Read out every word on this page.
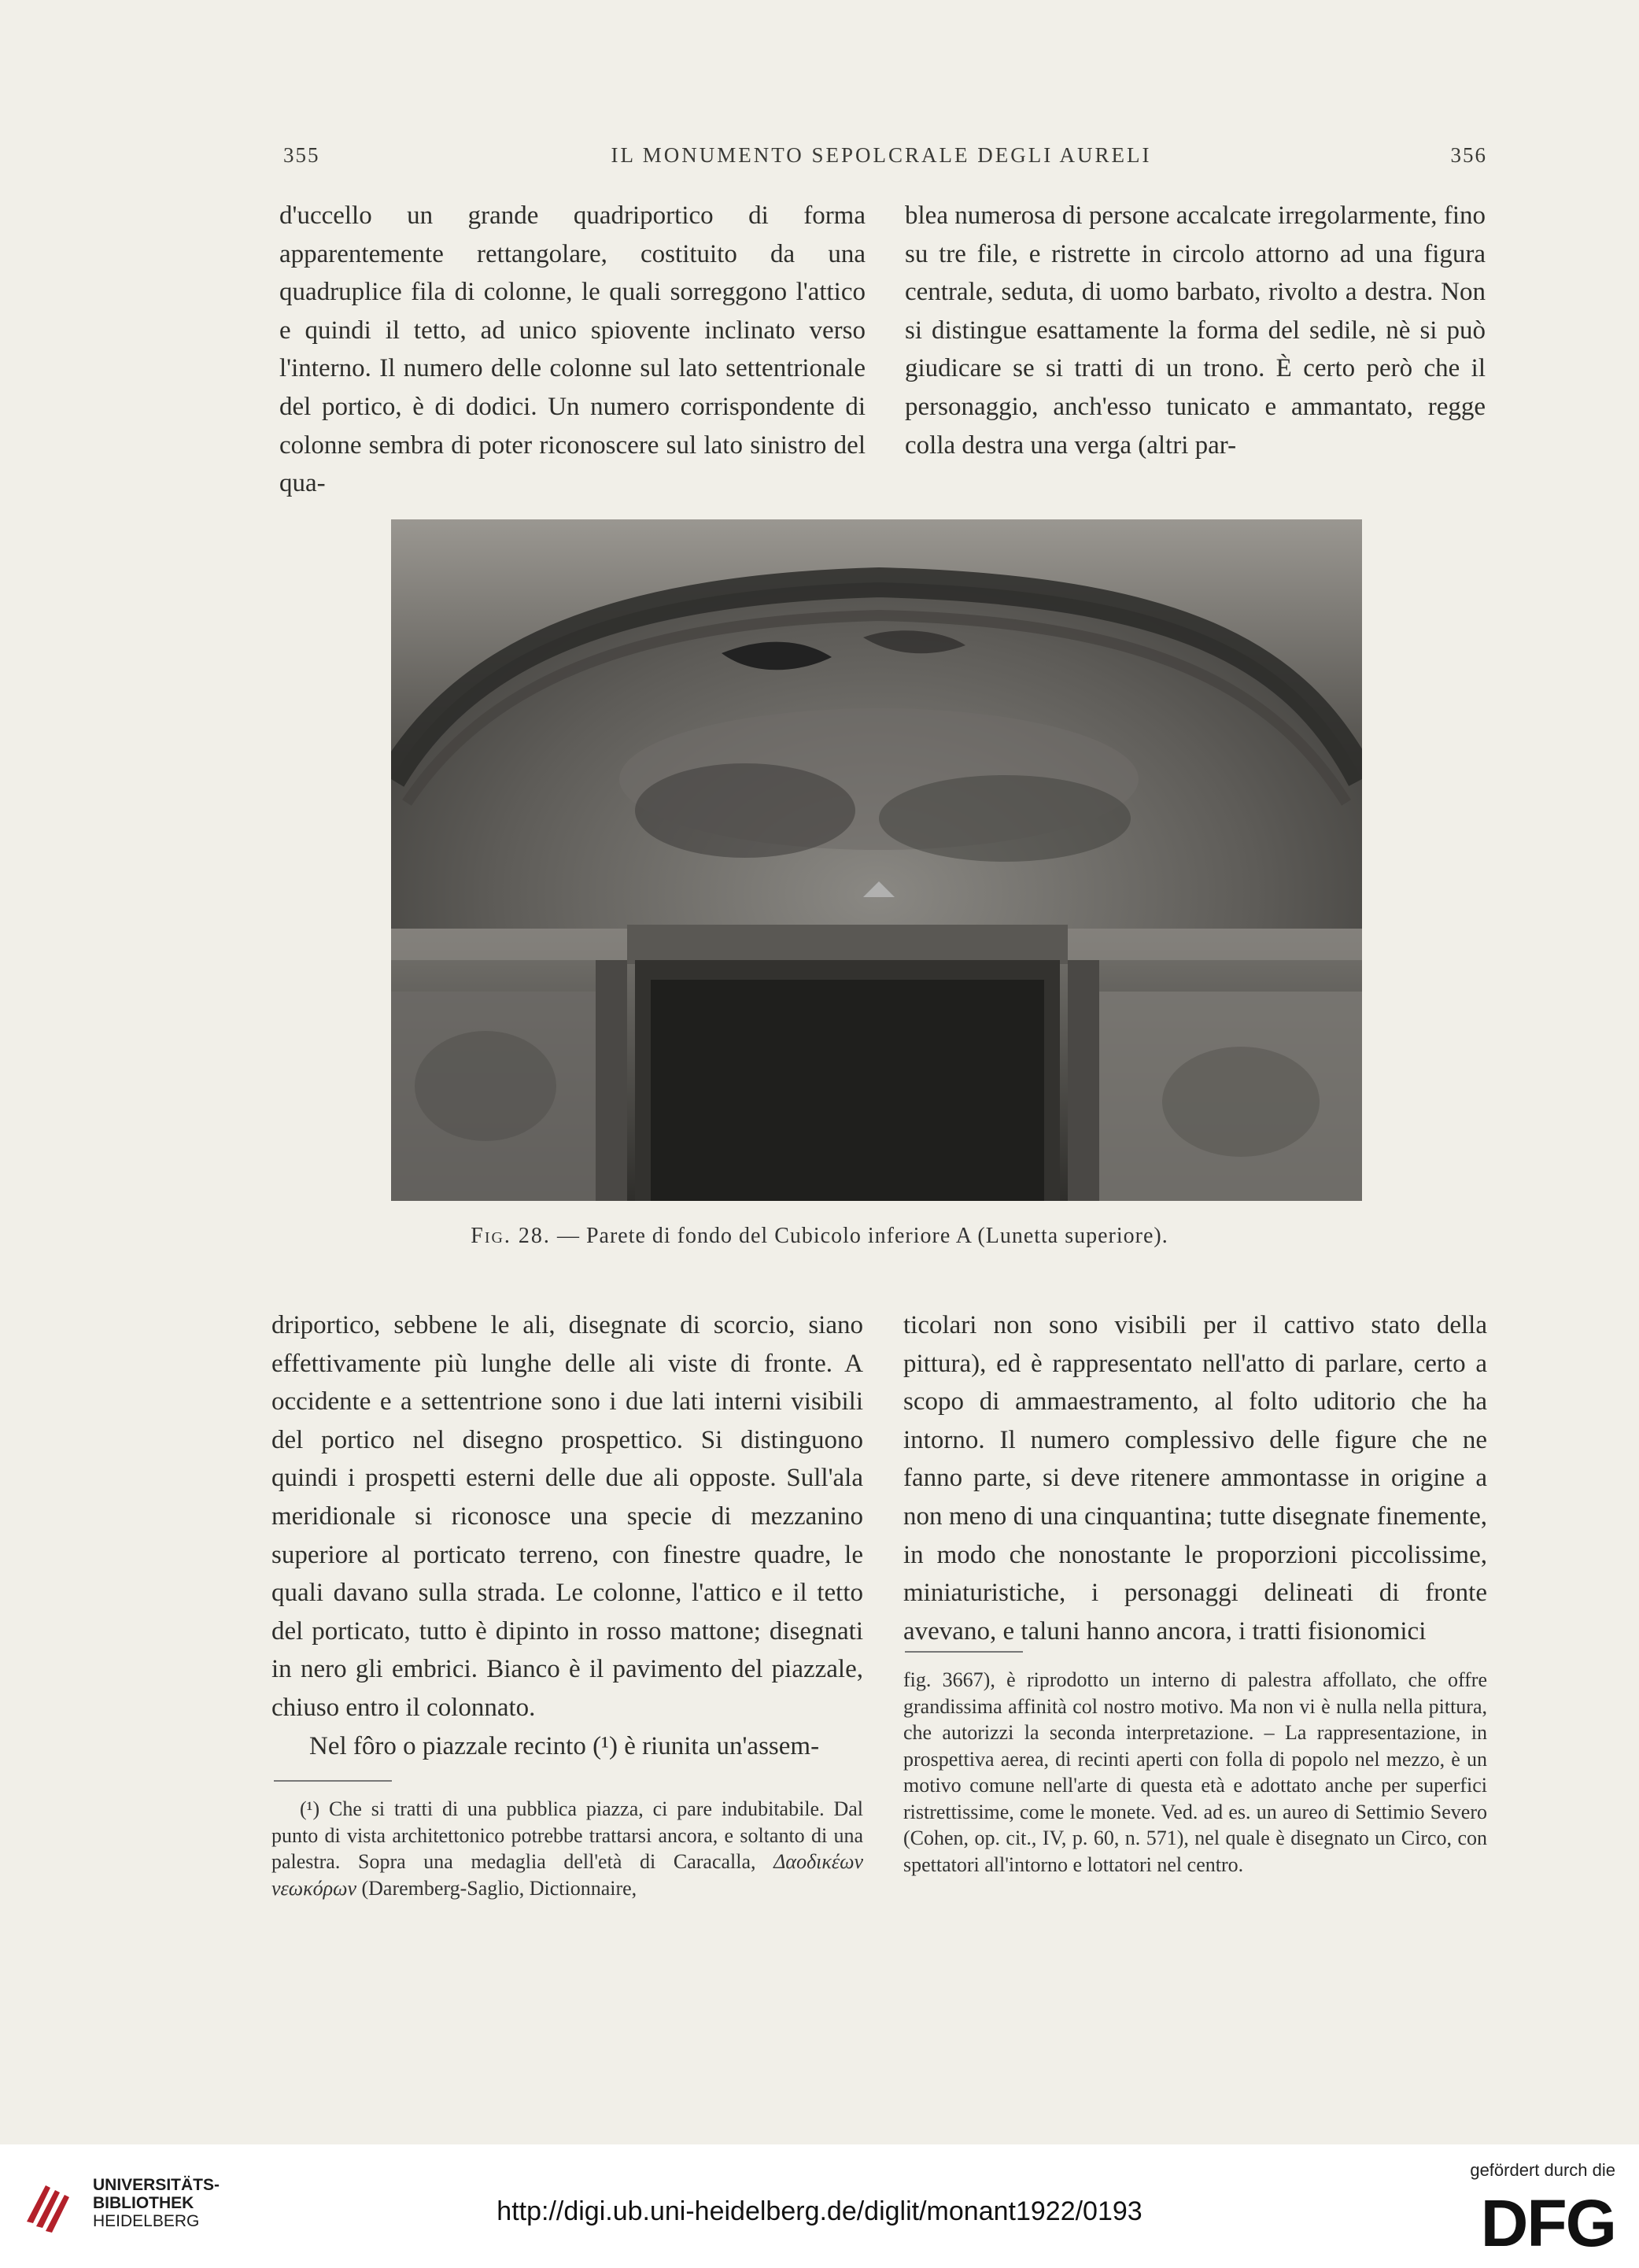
355	IL MONUMENTO SEPOLCRALE DEGLI AURELI	356

d'uccello un grande quadriportico di forma apparentemente rettangolare, costituito da una quadruplice fila di colonne, le quali sorreggono l'attico e quindi il tetto, ad unico spiovente inclinato verso l'interno. Il numero delle colonne sul lato settentrionale del portico, è di dodici. Un numero corrispondente di colonne sembra di poter riconoscere sul lato sinistro del qua-

blea numerosa di persone accalcate irregolarmente, fino su tre file, e ristrette in circolo attorno ad una figura centrale, seduta, di uomo barbato, rivolto a destra. Non si distingue esattamente la forma del sedile, nè si può giudicare se si tratti di un trono. È certo però che il personaggio, anch'esso tunicato e ammantato, regge colla destra una verga (altri par-

Fig. 28. — Parete di fondo del Cubicolo inferiore A (Lunetta superiore).

driportico, sebbene le ali, disegnate di scorcio, siano effettivamente più lunghe delle ali viste di fronte. A occidente e a settentrione sono i due lati interni visibili del portico nel disegno prospettico. Si distinguono quindi i prospetti esterni delle due ali opposte. Sull'ala meridionale si riconosce una specie di mezzanino superiore al porticato terreno, con finestre quadre, le quali davano sulla strada. Le colonne, l'attico e il tetto del porticato, tutto è dipinto in rosso mattone; disegnati in nero gli embrici. Bianco è il pavimento del piazzale, chiuso entro il colonnato.

Nel fôro o piazzale recinto (¹) è riunita un'assem-

ticolari non sono visibili per il cattivo stato della pittura), ed è rappresentato nell'atto di parlare, certo a scopo di ammaestramento, al folto uditorio che ha intorno. Il numero complessivo delle figure che ne fanno parte, si deve ritenere ammontasse in origine a non meno di una cinquantina; tutte disegnate finemente, in modo che nonostante le proporzioni piccolissime, miniaturistiche, i personaggi delineati di fronte avevano, e taluni hanno ancora, i tratti fisionomici

(¹) Che si tratti di una pubblica piazza, ci pare indubitabile. Dal punto di vista architettonico potrebbe trattarsi ancora, e soltanto di una palestra. Sopra una medaglia dell'età di Caracalla, Δαοδικέων νεωκόρων (Daremberg-Saglio, Dictionnaire,

fig. 3667), è riprodotto un interno di palestra affollato, che offre grandissima affinità col nostro motivo. Ma non vi è nulla nella pittura, che autorizzi la seconda interpretazione. – La rappresentazione, in prospettiva aerea, di recinti aperti con folla di popolo nel mezzo, è un motivo comune nell'arte di questa età e adottato anche per superfici ristrettissime, come le monete. Ved. ad es. un aureo di Settimio Severo (Cohen, op. cit., IV, p. 60, n. 571), nel quale è disegnato un Circo, con spettatori all'intorno e lottatori nel centro.

UNIVERSITÄTS-
BIBLIOTHEK
HEIDELBERG	http://digi.ub.uni-heidelberg.de/diglit/monant1922/0193
gefördert durch die
DFG
